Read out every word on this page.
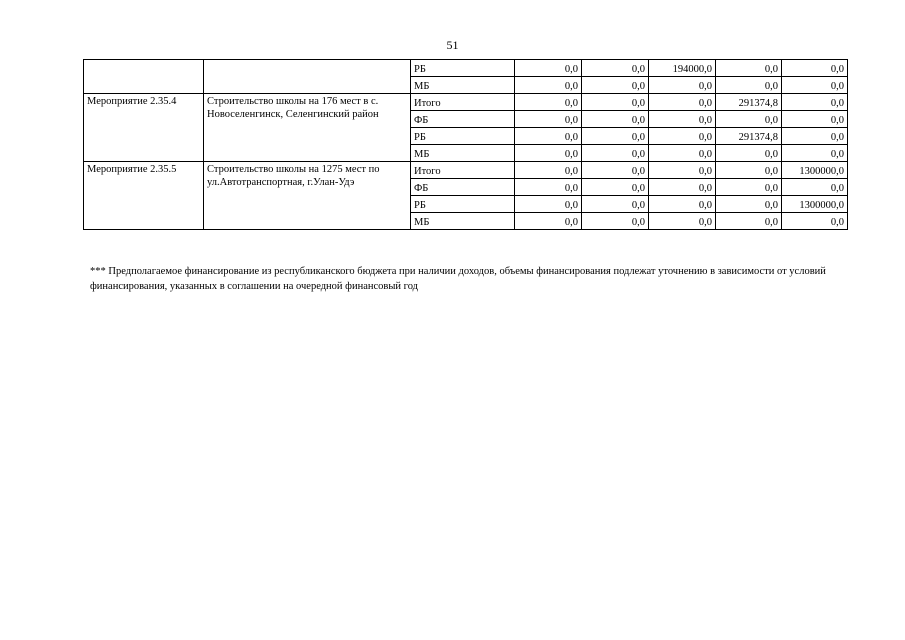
51
		РБ	0,0	0,0	194000,0	0,0	0,0
		МБ	0,0	0,0	0,0	0,0	0,0
Мероприятие 2.35.4	Строительство школы на 176 мест в с. Новоселенгинск, Селенгинский район	Итого	0,0	0,0	0,0	291374,8	0,0
		ФБ	0,0	0,0	0,0	0,0	0,0
		РБ	0,0	0,0	0,0	291374,8	0,0
		МБ	0,0	0,0	0,0	0,0	0,0
Мероприятие 2.35.5	Строительство школы на 1275 мест по ул.Автотранспортная, г.Улан-Удэ	Итого	0,0	0,0	0,0	0,0	1300000,0
		ФБ	0,0	0,0	0,0	0,0	0,0
		РБ	0,0	0,0	0,0	0,0	1300000,0
		МБ	0,0	0,0	0,0	0,0	0,0
*** Предполагаемое финансирование из республиканского бюджета при наличии доходов, объемы финансирования подлежат уточнению в зависимости от условий финансирования, указанных в соглашении на очередной финансовый год
